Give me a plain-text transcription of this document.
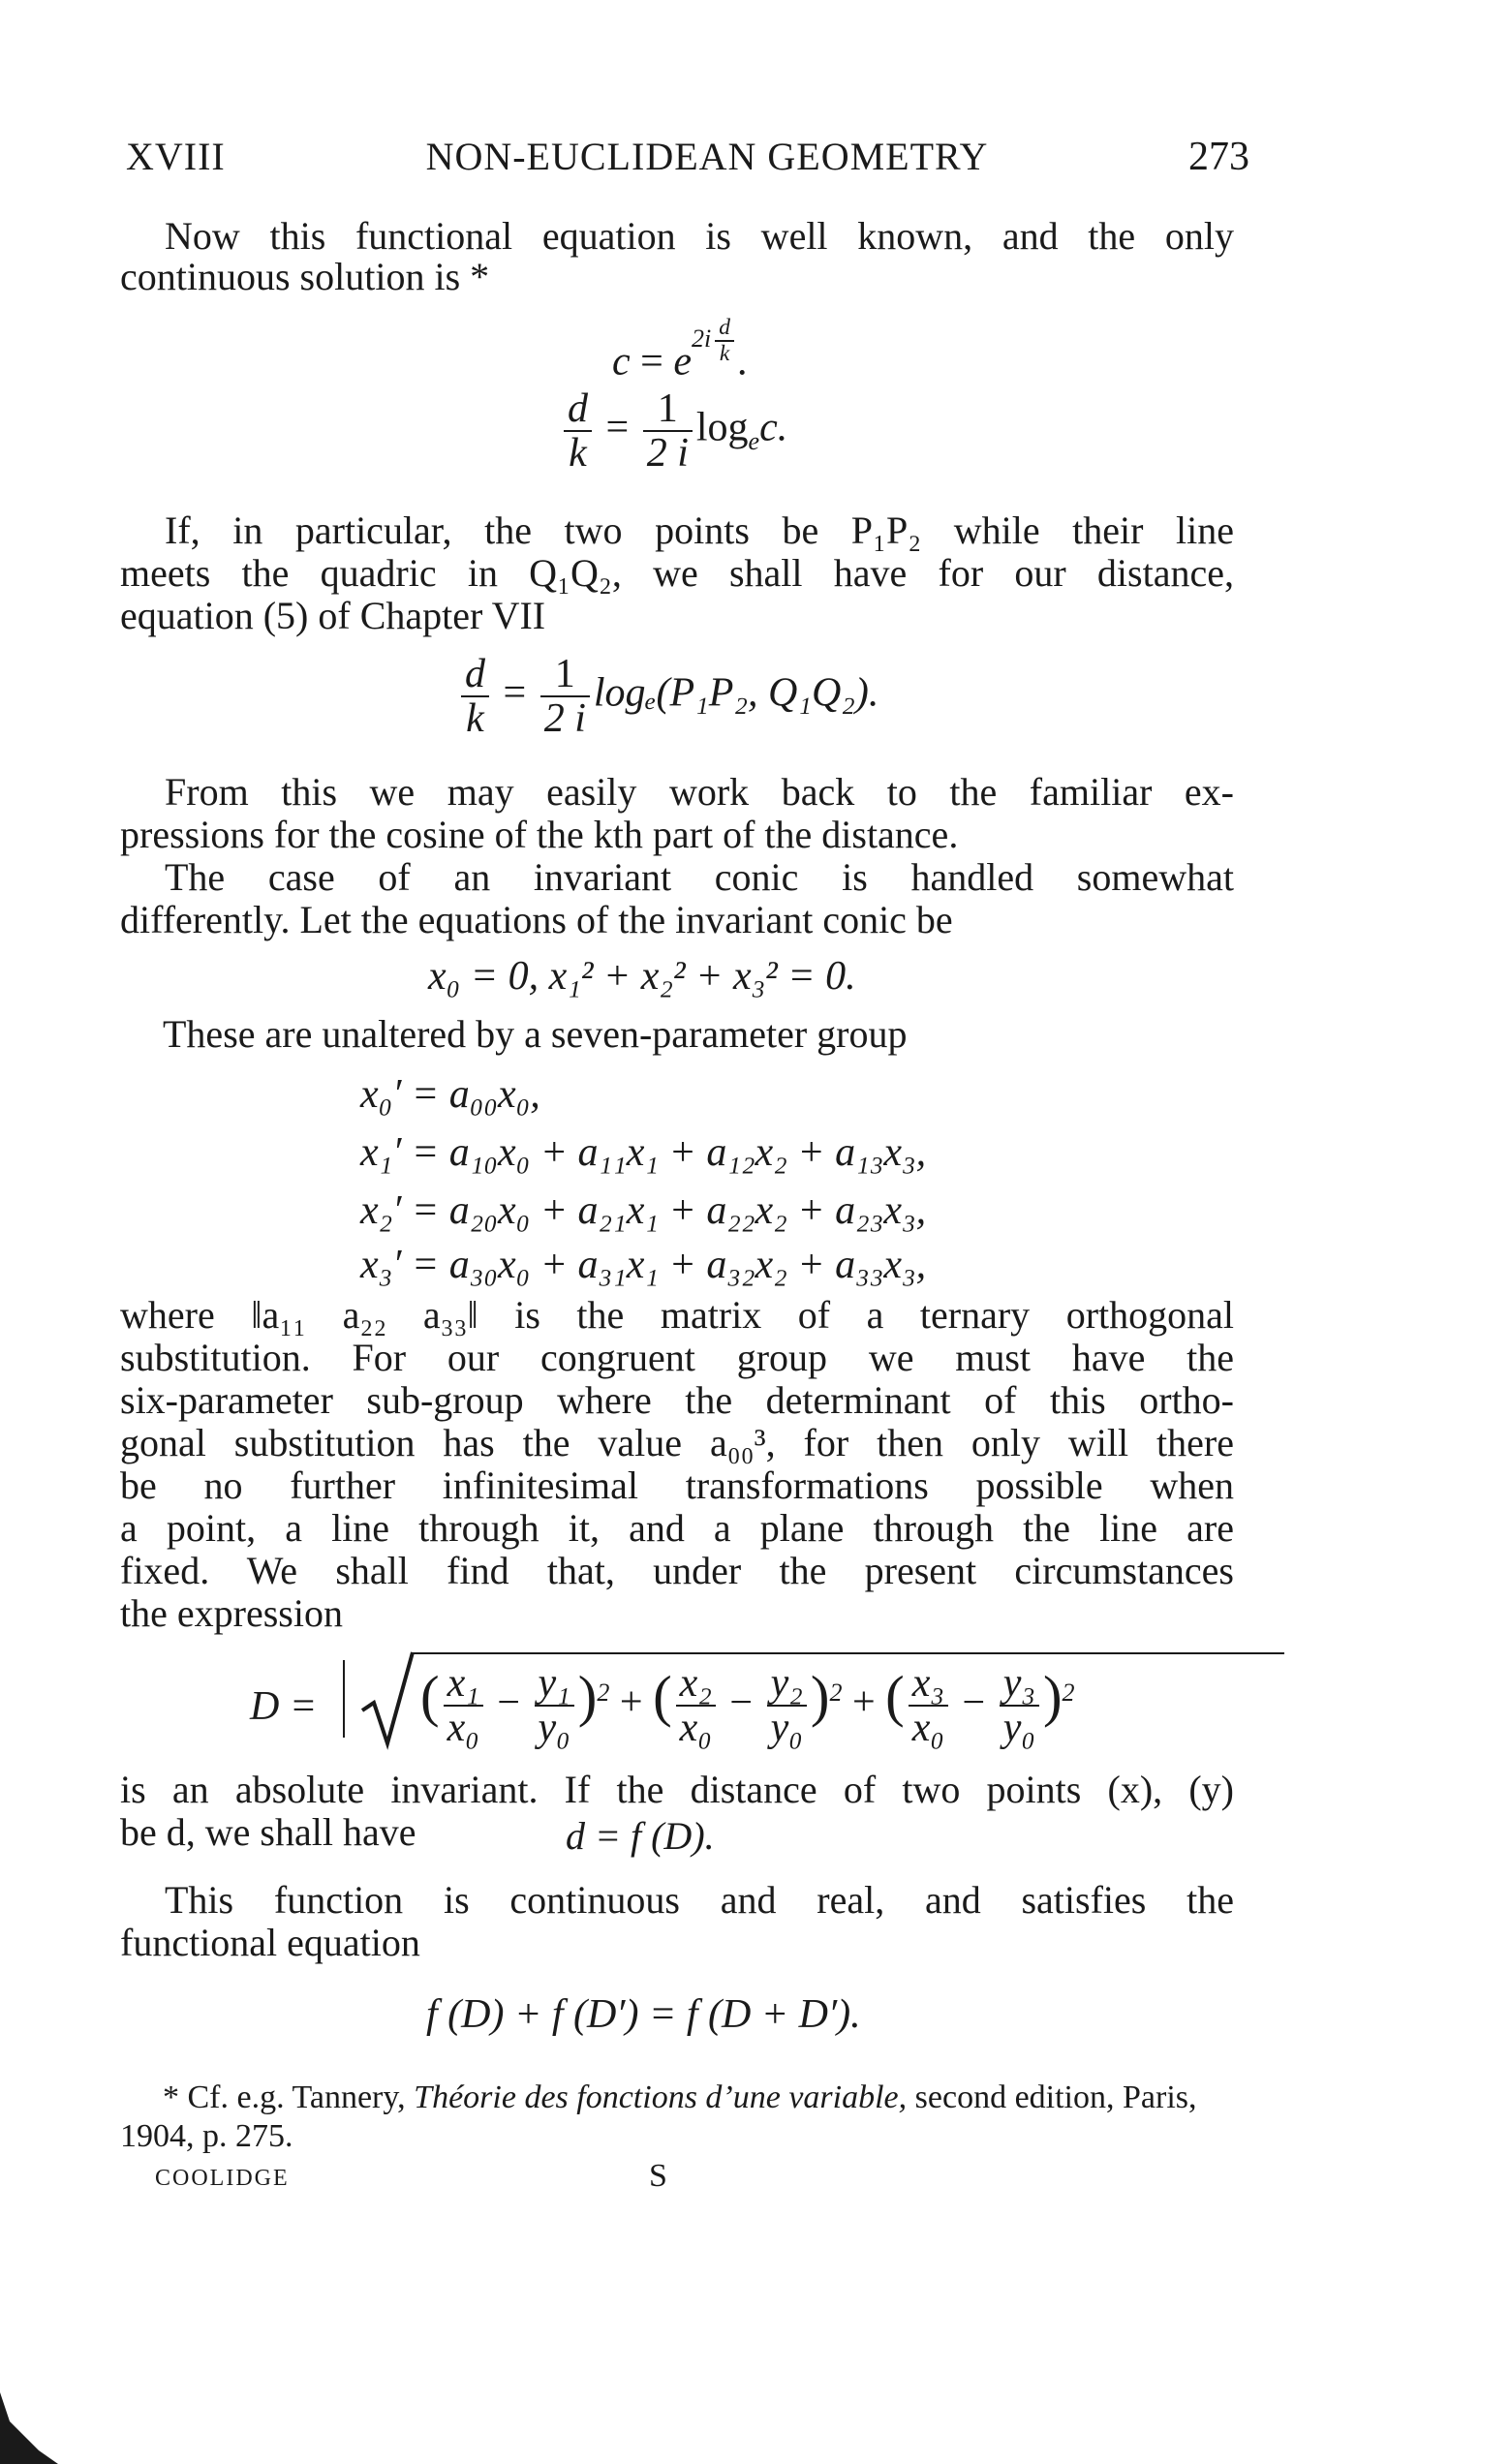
XVIII	NON-EUCLIDEAN GEOMETRY	273
Now this functional equation is well known, and the only
continuous solution is *
$c = e^{2i \frac{d}{k}}$ .
$\frac{d}{k} = \frac{1}{2 i} \log_ec$.
If, in particular, the two points be P₁P₂ while their line
meets the quadric in Q₁Q₂, we shall have for our distance,
equation (5) of Chapter VII
$\frac{d}{k} = \frac{1}{2 i} \log_e(P_1P_2$, Q₁Q₂).
From this we may easily work back to the familiar ex-
pressions for the cosine of the kth part of the distance.
The case of an invariant conic is handled somewhat
differently. Let the equations of the invariant conic be
x₀ = 0, x₁² + x₂² + x₃² = 0.
These are unaltered by a seven-parameter group
x₀′ = a₀₀x₀,
x₁′ = a₁₀x₀ + a₁₁x₁ + a₁₂x₂ + a₁₃x₃,
x₂′ = a₂₀x₀ + a₂₁x₁ + a₂₂x₂ + a₂₃x₃,
x₃′ = a₃₀x₀ + a₃₁x₁ + a₃₂x₂ + a₃₃x₃,
where ‖a₁₁ a₂₂ a₃₃‖ is the matrix of a ternary orthogonal
substitution. For our congruent group we must have the
six-parameter sub-group where the determinant of this ortho-
gonal substitution has the value a₀₀³, for then only will there
be no further infinitesimal transformations possible when
a point, a line through it, and a plane through the line are
fixed. We shall find that, under the present circumstances
the expression
D = ( $\frac{\text{x₁}}{\text{x₀}} - \frac{\text{y₁}}{\text{y₀}} )^2$ + ( $\frac{\text{x₂}}{\text{x₀}} - \frac{\text{y₂}}{\text{y₀}} )^2$ + ( $\frac{\text{x₃}}{\text{x₀}} - \frac{\text{y₃}}{\text{y₀}} )^2$
is an absolute invariant. If the distance of two points (x), (y)
be d, we shall have	d = f (D).
This function is continuous and real, and satisfies the
functional equation
f (D) + f (D′) = f (D + D′).
* Cf. e.g. Tannery, Théorie des fonctions d’une variable, second edition, Paris,
1904, p. 275.
COOLIDGE	S
